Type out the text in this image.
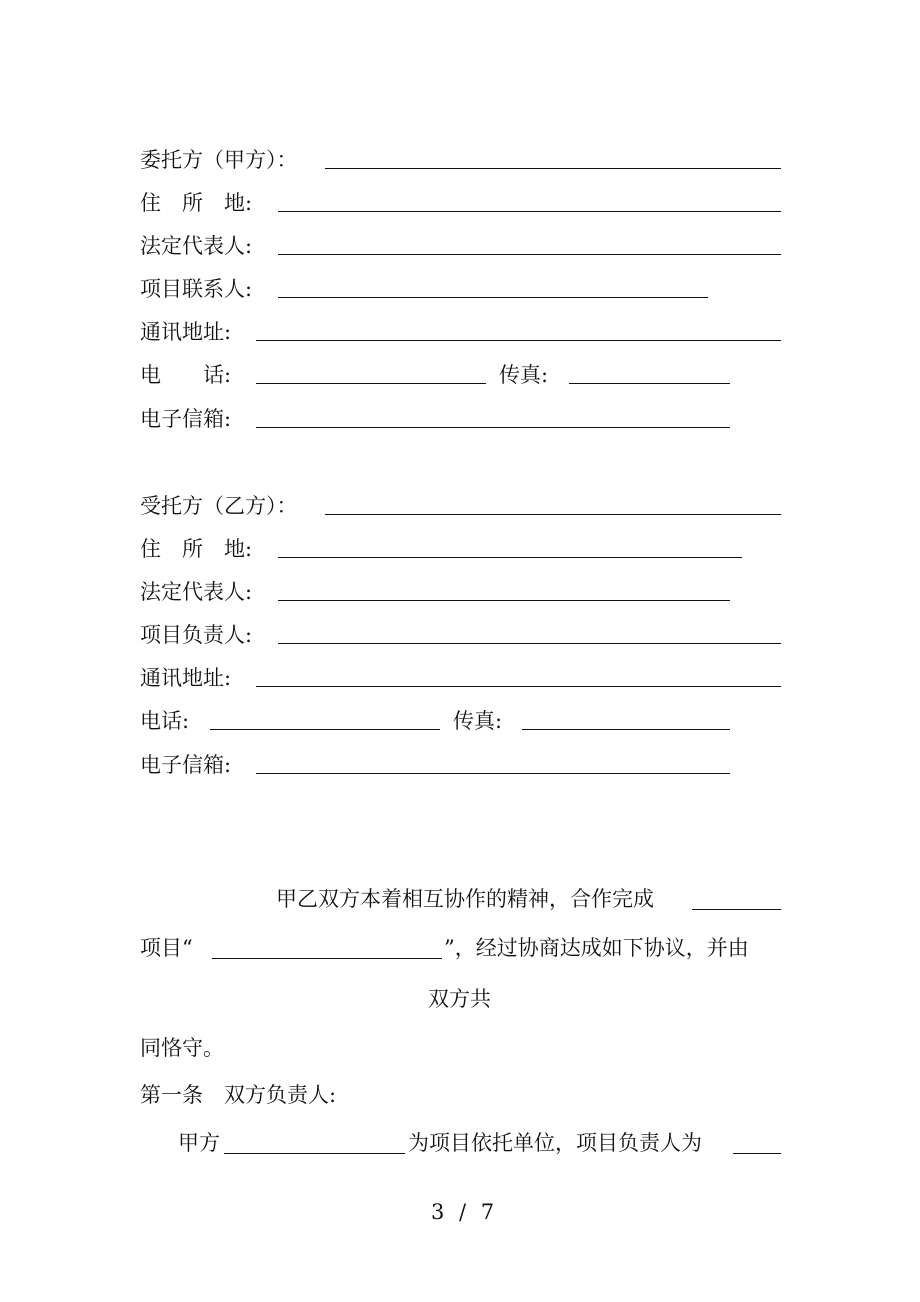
委托方（甲方）：
住　所　地:
法定代表人:
项目联系人:
通讯地址:
电　　话:	传真:
电子信箱:
受托方（乙方）：
住　所　地:
法定代表人:
项目负责人:
通讯地址:
电话:	传真:
电子信箱:
甲乙双方本着相互协作的精神，合作完成
项目“	”，经过协商达成如下协议，并由
双方共
同恪守。
第一条　双方负责人:
甲方	为项目依托单位，项目负责人为
3 / 7
